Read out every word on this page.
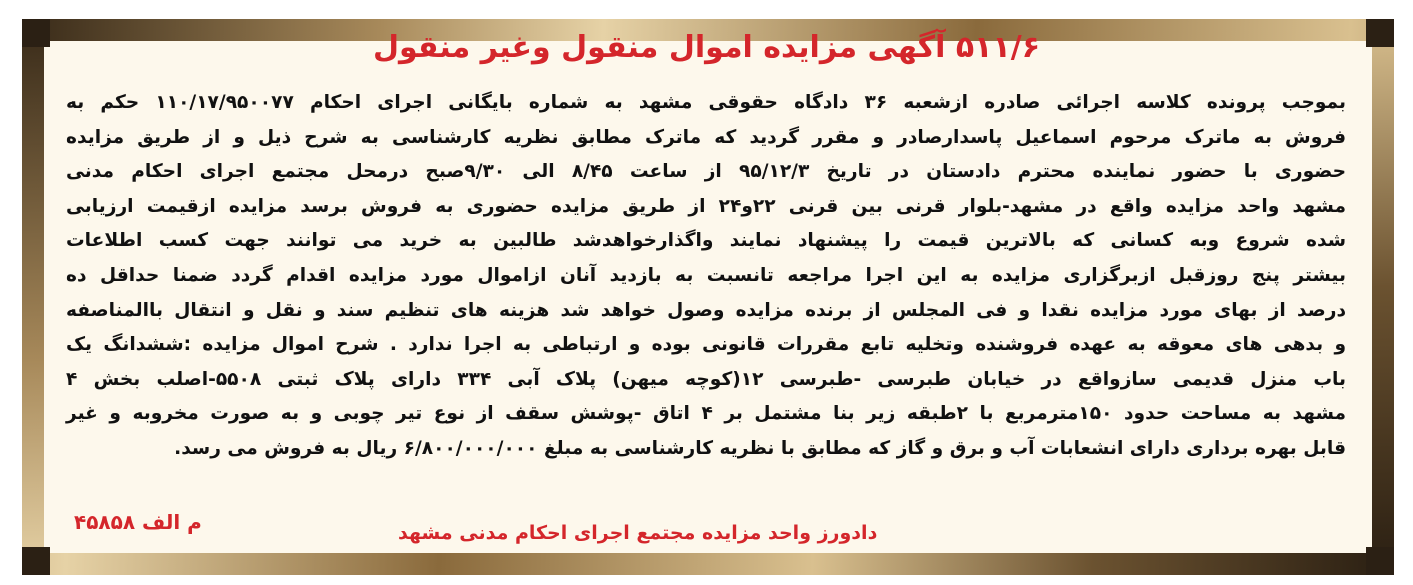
۵۱۱/۶ آگهی مزایده اموال منقول وغیر منقول
بموجب پرونده کلاسه اجرائی صادره ازشعبه ۳۶ دادگاه حقوقی مشهد به شماره بایگانی اجرای احکام ۱۱۰/۱۷/۹۵۰۰۷۷ حکم به
فروش به ماترک مرحوم اسماعیل پاسدارصادر و مقرر گردید که ماترک مطابق نظریه کارشناسی به شرح ذیل و از طریق مزایده
حضوری با حضور نماینده محترم دادستان در تاریخ ۹۵/۱۲/۳ از ساعت ۸/۴۵ الی ۹/۳۰صبح درمحل مجتمع اجرای احکام مدنی
مشهد واحد مزایده واقع در مشهد-بلوار قرنی بین قرنی ۲۲و۲۴ از طریق مزایده حضوری به فروش برسد مزایده ازقیمت ارزیابی
شده شروع وبه کسانی که بالاترین قیمت را پیشنهاد نمایند واگذارخواهدشد طالبین به خرید می توانند جهت کسب اطلاعات
بیشتر پنج روزقبل ازبرگزاری مزایده به این اجرا مراجعه تانسبت به بازدید آنان ازاموال مورد مزایده اقدام گردد ضمنا حداقل ده
درصد از بهای مورد مزایده نقدا و فی المجلس از برنده مزایده وصول خواهد شد هزینه های تنظیم سند و نقل و انتقال باالمناصفه
و بدهی های معوقه به عهده فروشنده وتخلیه تابع مقررات قانونی بوده و ارتباطی به اجرا ندارد . شرح اموال مزایده :ششدانگ یک
باب منزل قدیمی سازواقع در خیابان طبرسی -طبرسی ۱۲(کوچه میهن) پلاک آبی ۳۳۴ دارای پلاک ثبتی ۵۵۰۸-اصلب بخش ۴
مشهد به مساحت حدود ۱۵۰مترمربع با ۲طبقه زیر بنا مشتمل بر ۴ اتاق -پوشش سقف از نوع تیر چوبی و به صورت مخروبه و غیر
قابل بهره برداری دارای انشعابات آب و برق و گاز که مطابق با نظریه کارشناسی به مبلغ ۶/۸۰۰/۰۰۰/۰۰۰ ریال به فروش می رسد.
م الف ۴۵۸۵۸	دادورز واحد مزایده مجتمع اجرای احکام مدنی مشهد
